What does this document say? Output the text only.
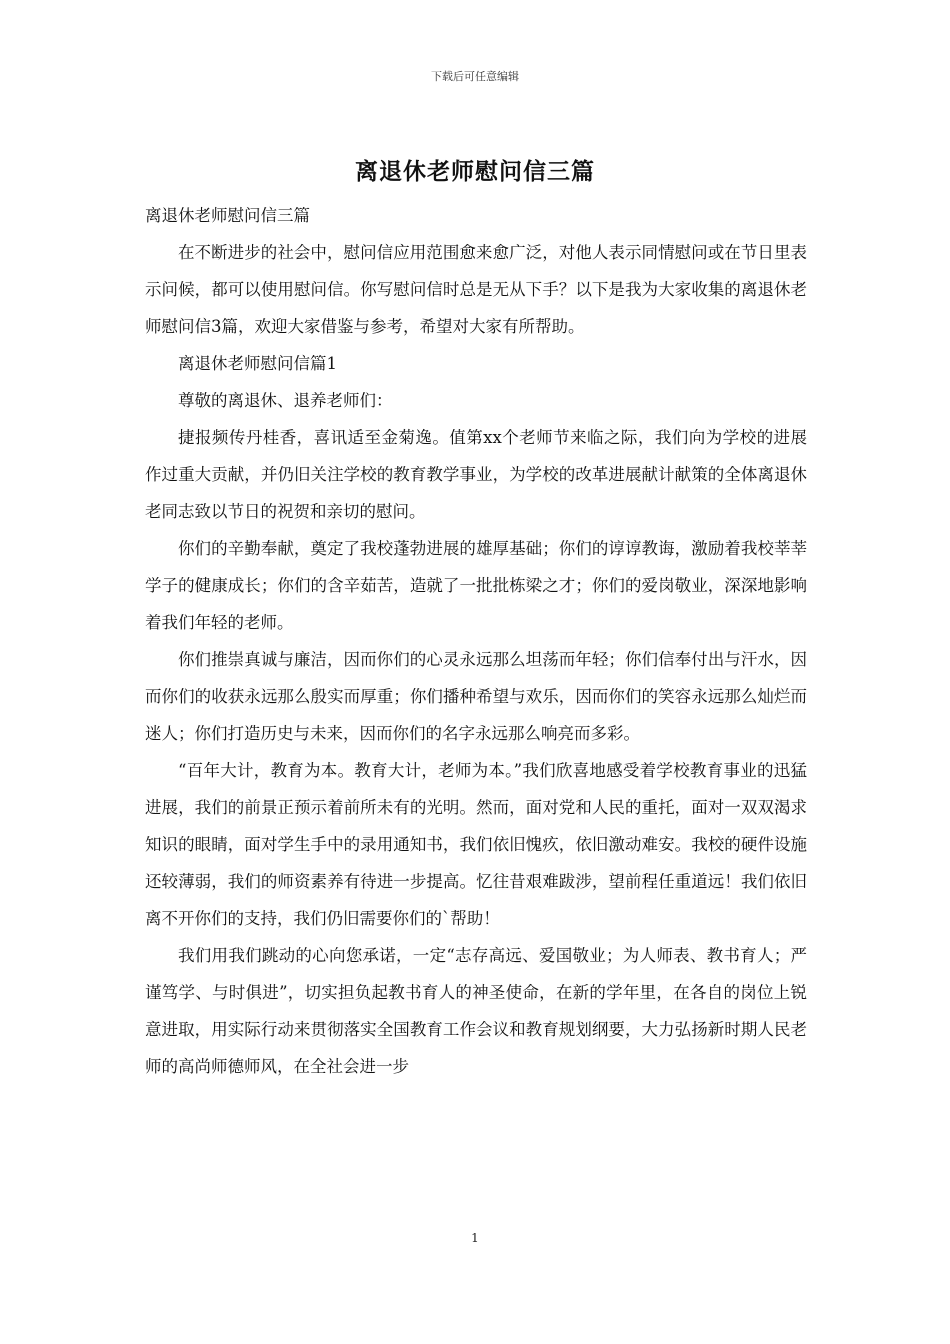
下载后可任意编辑
离退休老师慰问信三篇

离退休老师慰问信三篇

在不断进步的社会中，慰问信应用范围愈来愈广泛，对他人表示同情慰问或在节日里表示问候，都可以使用慰问信。你写慰问信时总是无从下手？以下是我为大家收集的离退休老师慰问信3篇，欢迎大家借鉴与参考，希望对大家有所帮助。

离退休老师慰问信篇1

尊敬的离退休、退养老师们：

捷报频传丹桂香，喜讯适至金菊逸。值第xx个老师节来临之际，我们向为学校的进展作过重大贡献，并仍旧关注学校的教育教学事业，为学校的改革进展献计献策的全体离退休老同志致以节日的祝贺和亲切的慰问。

你们的辛勤奉献，奠定了我校蓬勃进展的雄厚基础；你们的谆谆教诲，激励着我校莘莘学子的健康成长；你们的含辛茹苦，造就了一批批栋梁之才；你们的爱岗敬业，深深地影响着我们年轻的老师。

你们推崇真诚与廉洁，因而你们的心灵永远那么坦荡而年轻；你们信奉付出与汗水，因而你们的收获永远那么殷实而厚重；你们播种希望与欢乐，因而你们的笑容永远那么灿烂而迷人；你们打造历史与未来，因而你们的名字永远那么响亮而多彩。

“百年大计，教育为本。教育大计，老师为本。”我们欣喜地感受着学校教育事业的迅猛进展，我们的前景正预示着前所未有的光明。然而，面对党和人民的重托，面对一双双渴求知识的眼睛，面对学生手中的录用通知书，我们依旧愧疚，依旧激动难安。我校的硬件设施还较薄弱，我们的师资素养有待进一步提高。忆往昔艰难跋涉，望前程任重道远！我们依旧离不开你们的支持，我们仍旧需要你们的`帮助！

我们用我们跳动的心向您承诺，一定“志存高远、爱国敬业；为人师表、教书育人；严谨笃学、与时俱进”，切实担负起教书育人的神圣使命，在新的学年里，在各自的岗位上锐意进取，用实际行动来贯彻落实全国教育工作会议和教育规划纲要，大力弘扬新时期人民老师的高尚师德师风，在全社会进一步

1
